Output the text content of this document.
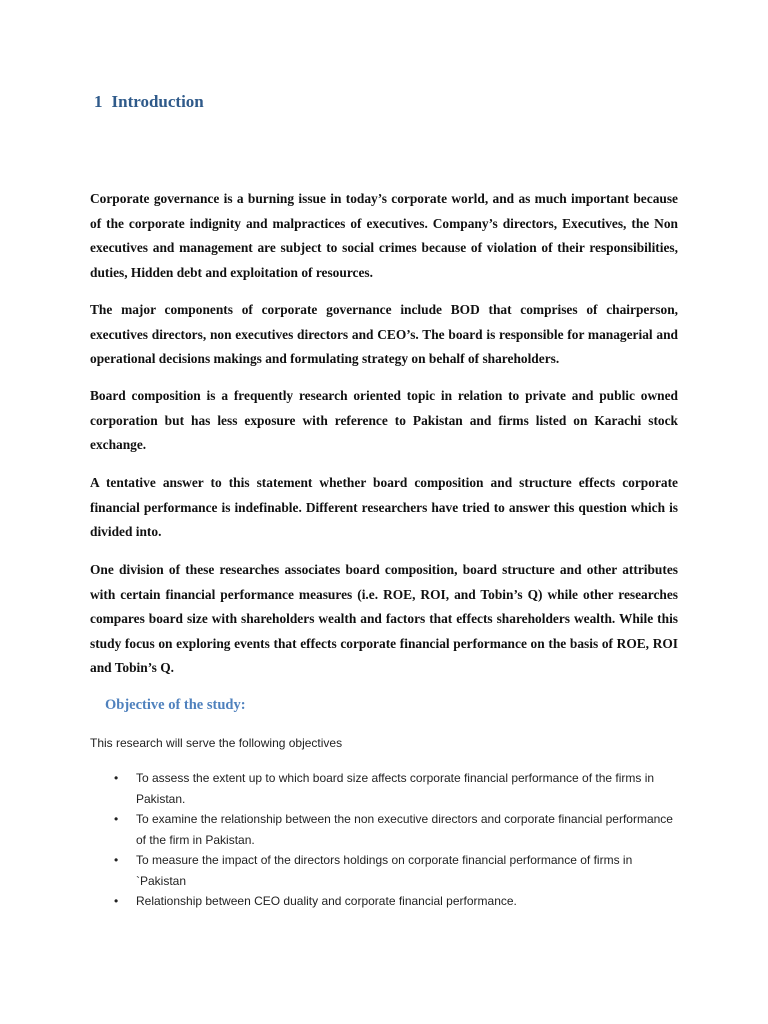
1 Introduction

Corporate governance is a burning issue in today’s corporate world, and as much important because of the corporate indignity and malpractices of executives. Company’s directors, Executives, the Non executives and management are subject to social crimes because of violation of their responsibilities, duties, Hidden debt and exploitation of resources.

The major components of corporate governance include BOD that comprises of chairperson, executives directors, non executives directors and CEO’s. The board is responsible for managerial and operational decisions makings and formulating strategy on behalf of shareholders.

Board composition is a frequently research oriented topic in relation to private and public owned corporation but has less exposure with reference to Pakistan and firms listed on Karachi stock exchange.

A tentative answer to this statement whether board composition and structure effects corporate financial performance is indefinable. Different researchers have tried to answer this question which is divided into.

One division of these researches associates board composition, board structure and other attributes with certain financial performance measures (i.e. ROE, ROI, and Tobin’s Q) while other researches compares board size with shareholders wealth and factors that effects shareholders wealth. While this study focus on exploring events that effects corporate financial performance on the basis of ROE, ROI and Tobin’s Q.

Objective of the study:
This research will serve the following objectives
• To assess the extent up to which board size affects corporate financial performance of the firms in Pakistan.
• To examine the relationship between the non executive directors and corporate financial performance of the firm in Pakistan.
• To measure the impact of the directors holdings on corporate financial performance of firms in `Pakistan
• Relationship between CEO duality and corporate financial performance.
